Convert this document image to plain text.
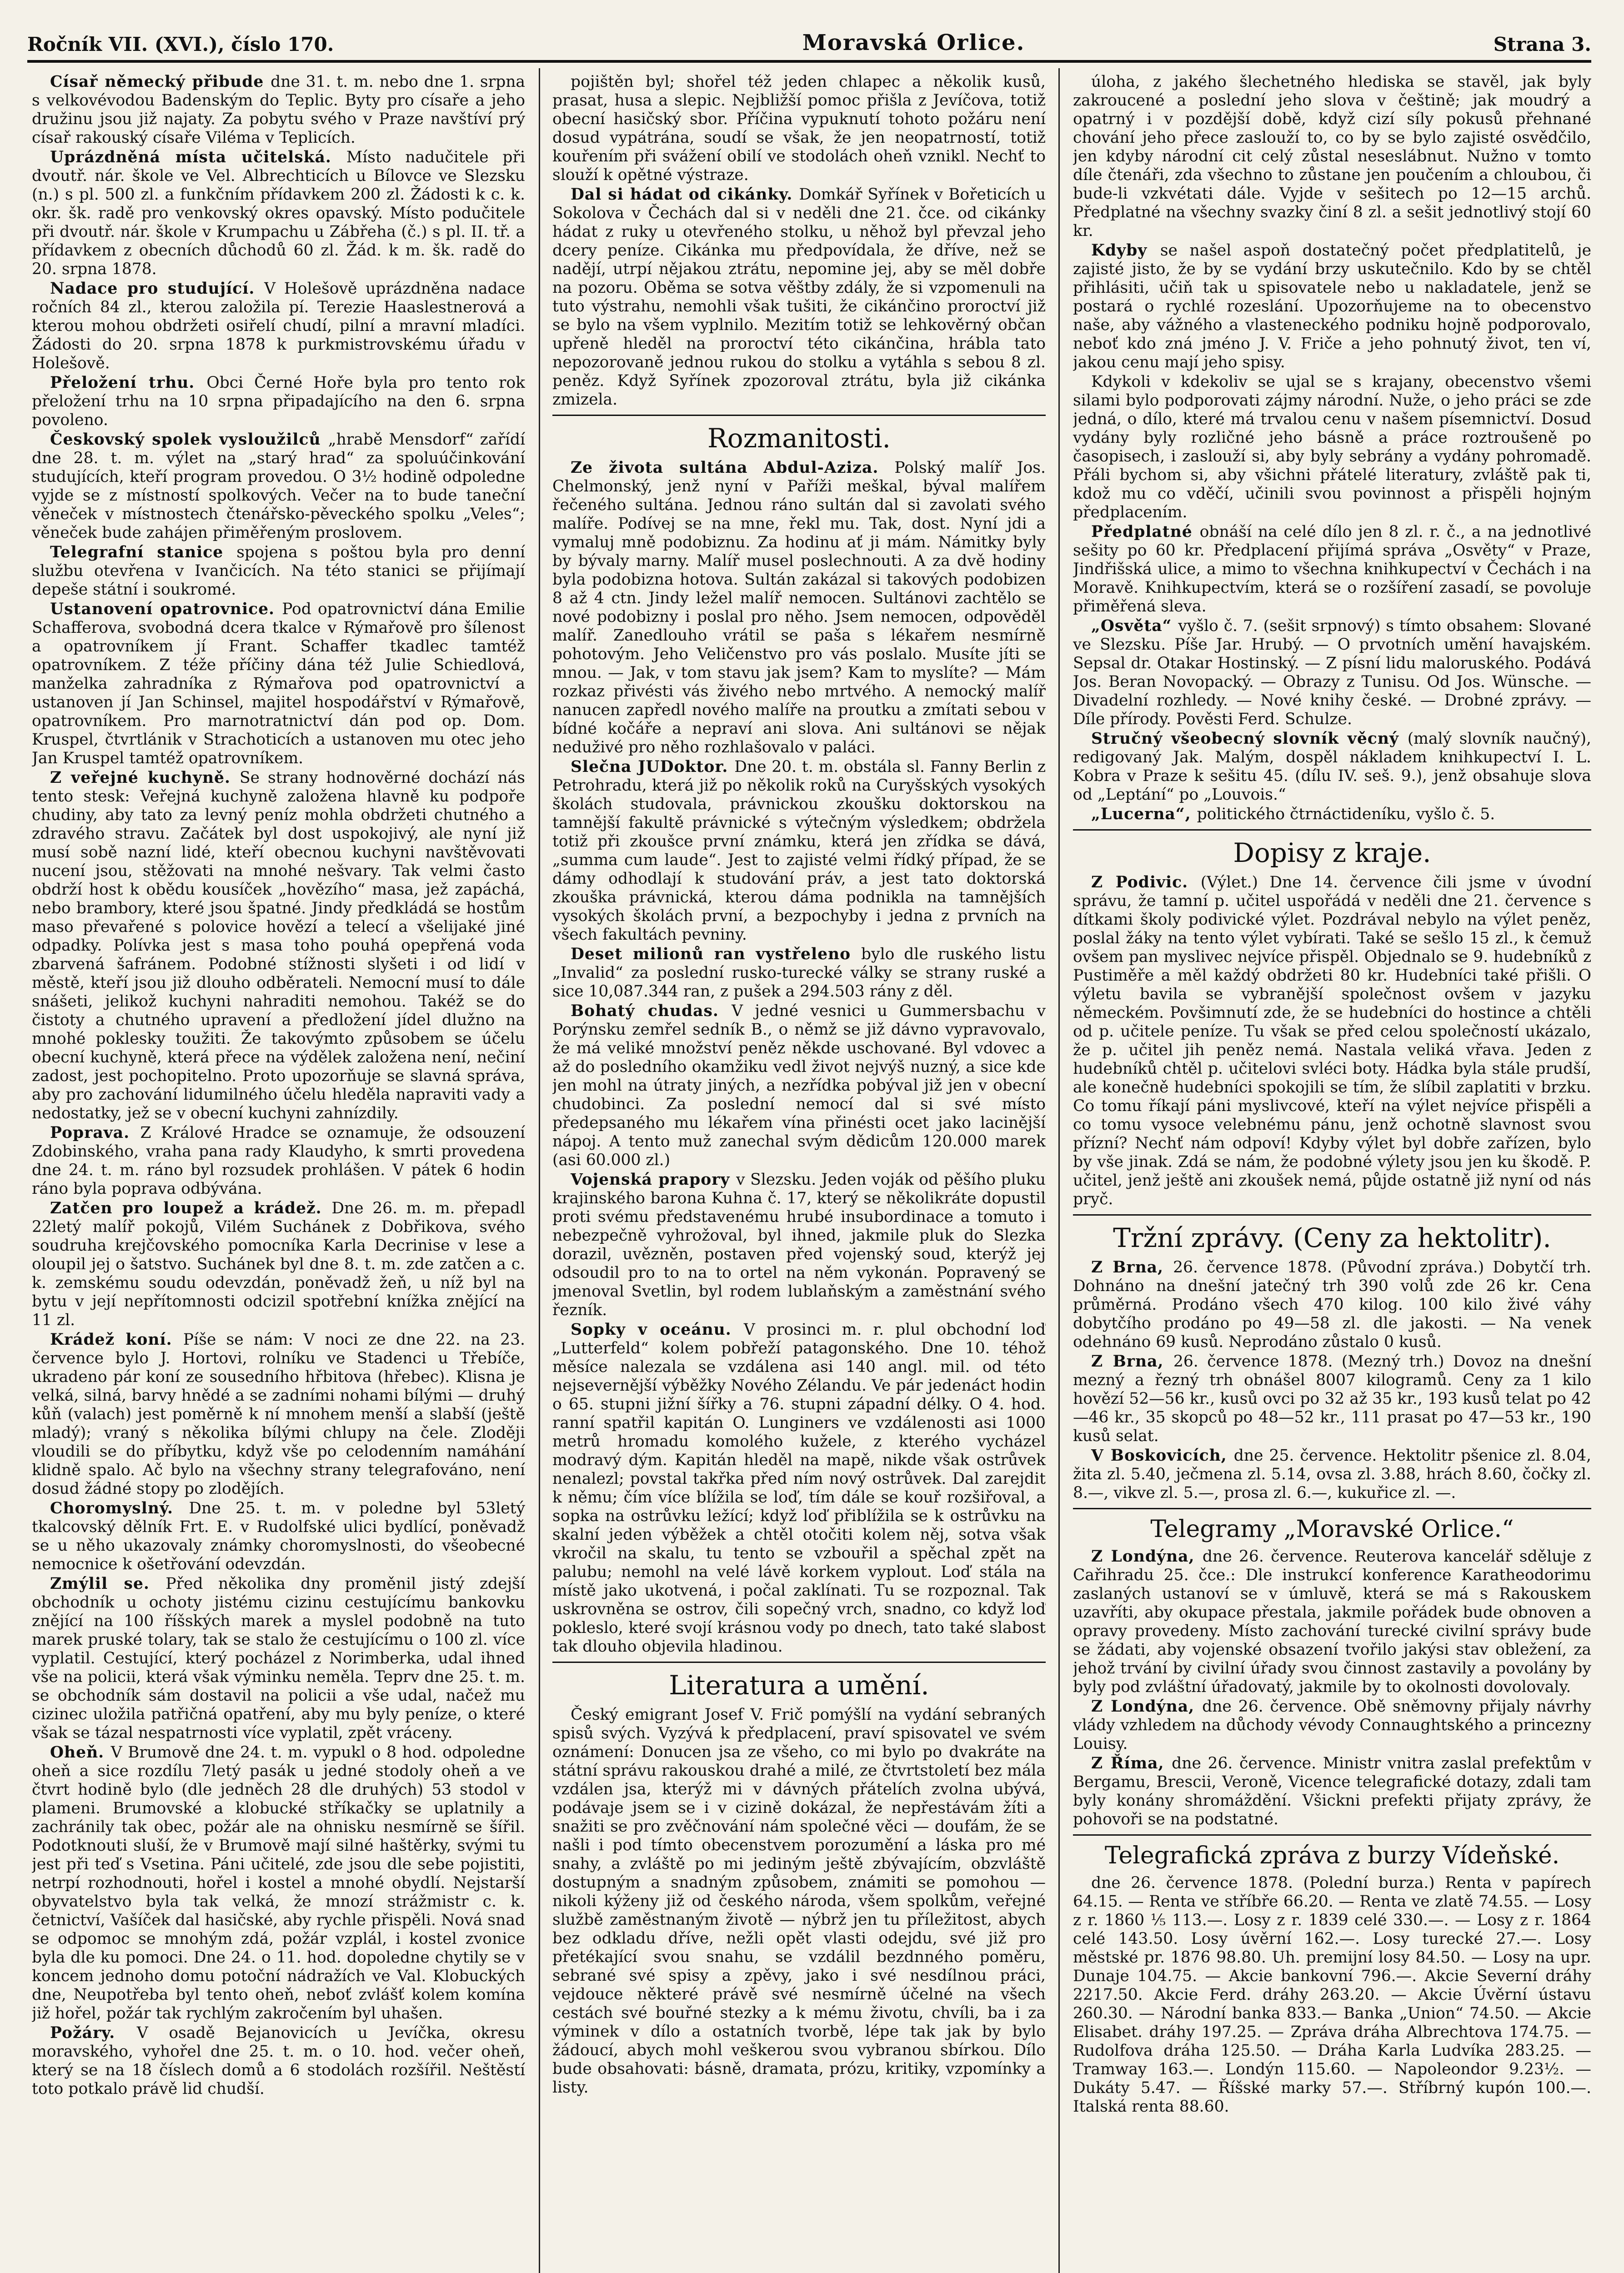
Ročník VII. (XVI.), číslo 170.	Moravská Orlice.	Strana 3.

Císař německý přibude dne 31. t. m. nebo dne 1. srpna s velkovévodou Badenským do Teplic. Byty pro císaře a jeho družinu jsou již najaty. Za pobytu svého v Praze navštíví prý císař rakouský císaře Viléma v Teplicích.

Uprázdněná místa učitelská. Místo nadučitele při dvoutř. nár. škole ve Vel. Albrechticích u Bílovce ve Slezsku (n.) s pl. 500 zl. a funkčním přídavkem 200 zl. Žádosti k c. k. okr. šk. radě pro venkovský okres opavský. Místo podučitele při dvoutř. nár. škole v Krumpachu u Zábřeha (č.) s pl. II. tř. a přídavkem z obecních důchodů 60 zl. Žád. k m. šk. radě do 20. srpna 1878.

Nadace pro studující. V Holešově uprázdněna nadace ročních 84 zl., kterou založila pí. Terezie Haaslestnerová a kterou mohou obdržeti osiřelí chudí, pilní a mravní mladíci. Žádosti do 20. srpna 1878 k purkmistrovskému úřadu v Holešově.

Přeložení trhu. Obci Černé Hoře byla pro tento rok přeložení trhu na 10 srpna připadajícího na den 6. srpna povoleno.

Českovský spolek vysloužilců „hrabě Mensdorf“ zařídí dne 28. t. m. výlet na „starý hrad“ za spoluúčinkování studujících, kteří program provedou. O 3½ hodině odpoledne vyjde se z místností spolkových. Večer na to bude taneční věneček v místnostech čtenářsko-pěveckého spolku „Veles“; věneček bude zahájen přiměřeným proslovem.

Telegrafní stanice spojena s poštou byla pro denní službu otevřena v Ivančicích. Na této stanici se přijímají depeše státní i soukromé.

Ustanovení opatrovnice. Pod opatrovnictví dána Emilie Schafferova, svobodná dcera tkalce v Rýmařově pro šílenost a opatrovníkem jí Frant. Schaffer tkadlec tamtéž opatrovníkem. Z téže příčiny dána též Julie Schiedlová, manželka zahradníka z Rýmařova pod opatrovnictví a ustanoven jí Jan Schinsel, majitel hospodářství v Rýmařově, opatrovníkem. Pro marnotratnictví dán pod op. Dom. Kruspel, čtvrtlánik v Strachoticích a ustanoven mu otec jeho Jan Kruspel tamtéž opatrovníkem.

Z veřejné kuchyně. Se strany hodnověrné dochází nás tento stesk: Veřejná kuchyně založena hlavně ku podpoře chudiny, aby tato za levný peníz mohla obdržeti chutného a zdravého stravu. Začátek byl dost uspokojivý, ale nyní již musí sobě nazní lidé, kteří obecnou kuchyni navštěvovati nucení jsou, stěžovati na mnohé nešvary. Tak velmi často obdrží host k obědu kousíček „hovězího“ masa, jež zapáchá, nebo brambory, které jsou špatné. Jindy předkládá se hostům maso převařené s polovice hovězí a telecí a všelijaké jiné odpadky. Polívka jest s masa toho pouhá opepřená voda zbarvená šafránem. Podobné stížnosti slyšeti i od lidí v městě, kteří jsou již dlouho odběrateli. Nemocní musí to dále snášeti, jelikož kuchyni nahraditi nemohou. Takéž se do čistoty a chutného upravení a předložení jídel dlužno na mnohé poklesky toužiti. Že takovýmto způsobem se účelu obecní kuchyně, která přece na výdělek založena není, nečiní zadost, jest pochopitelno. Proto upozorňuje se slavná správa, aby pro zachování lidumilného účelu hleděla napraviti vady a nedostatky, jež se v obecní kuchyni zahnízdily.

Poprava. Z Králové Hradce se oznamuje, že odsouzení Zdobinského, vraha pana rady Klaudyho, k smrti provedena dne 24. t. m. ráno byl rozsudek prohlášen. V pátek 6 hodin ráno byla poprava odbývána.

Zatčen pro loupež a krádež. Dne 26. m. m. přepadl 22letý malíř pokojů, Vilém Suchánek z Dobřikova, svého soudruha krejčovského pomocníka Karla Decrinise v lese a oloupil jej o šatstvo. Suchánek byl dne 8. t. m. zde zatčen a c. k. zemskému soudu odevzdán, poněvadž žeň, u níž byl na bytu v její nepřítomnosti odcizil spotřební knížka znějící na 11 zl.

Krádež koní. Píše se nám: V noci ze dne 22. na 23. července bylo J. Hortovi, rolníku ve Stadenci u Třebíče, ukradeno pár koní ze sousedního hřbitova (hřebec). Klisna je velká, silná, barvy hnědé a se zadními nohami bílými — druhý kůň (valach) jest poměrně k ní mnohem menší a slabší (ještě mladý); vraný s několika bílými chlupy na čele. Zloději vloudili se do příbytku, když vše po celodenním namáhání klidně spalo. Ač bylo na všechny strany telegrafováno, není dosud žádné stopy po zlodějích.

Choromyslný. Dne 25. t. m. v poledne byl 53letý tkalcovský dělník Frt. E. v Rudolfské ulici bydlící, poněvadž se u něho ukazovaly známky choromyslnosti, do všeobecné nemocnice k ošetřování odevzdán.

Zmýlil se. Před několika dny proměnil jistý zdejší obchodník u ochoty jistému cizinu cestujícímu bankovku znějící na 100 říšských marek a myslel podobně na tuto marek pruské tolary, tak se stalo že cestujícímu o 100 zl. více vyplatil. Cestující, který pocházel z Norimberka, udal ihned vše na policii, která však výminku neměla. Teprv dne 25. t. m. se obchodník sám dostavil na policii a vše udal, načež mu cizinec uložila patřičná opatření, aby mu byly peníze, o které však se tázal nespatrnosti více vyplatil, zpět vráceny.

Oheň. V Brumově dne 24. t. m. vypukl o 8 hod. odpoledne oheň a sice rozdílu 7letý pasák u jedné stodoly oheň a ve čtvrt hodině bylo (dle jedněch 28 dle druhých) 53 stodol v plameni. Brumovské a klobucké stříkačky se uplatnily a zachránily tak obec, požár ale na ohnisku nesmírně se šířil. Podotknouti sluší, že v Brumově mají silné haštěrky, svými tu jest při teď s Vsetina. Páni učitelé, zde jsou dle sebe pojistiti, netrpí rozhodnouti, hořel i kostel a mnohé obydlí. Nejstarší obyvatelstvo byla tak velká, že mnozí strážmistr c. k. četnictví, Vašíček dal hasičské, aby rychle přispěli. Nová snad se odpomoc se mnohým zdá, požár vzplál, i kostel zvonice byla dle ku pomoci. Dne 24. o 11. hod. dopoledne chytily se v koncem jednoho domu potoční nádražích ve Val. Klobuckých dne, Neupotřeba byl tento oheň, neboť zvlášť kolem komína již hořel, požár tak rychlým zakročením byl uhašen.

Požáry. V osadě Bejanovicích u Jevíčka, okresu moravského, vyhořel dne 25. t. m. o 10. hod. večer oheň, který se na 18 číslech domů a 6 stodolách rozšířil. Neštěstí toto potkalo právě lid chudší.

pojištěn byl; shořel též jeden chlapec a několik kusů, prasat, husa a slepic. Nejbližší pomoc přišla z Jevíčova, totiž obecní hasičský sbor. Příčina vypuknutí tohoto požáru není dosud vypátrána, soudí se však, že jen neopatrností, totiž kouřením při svážení obilí ve stodolách oheň vznikl. Nechť to slouží k opětné výstraze.

Dal si hádat od cikánky. Domkář Syřínek v Bořeticích u Sokolova v Čechách dal si v neděli dne 21. čce. od cikánky hádat z ruky u otevřeného stolku, u něhož byl převzal jeho dcery peníze. Cikánka mu předpovídala, že dříve, než se nadějí, utrpí nějakou ztrátu, nepomine jej, aby se měl dobře na pozoru. Oběma se sotva věštby zdály, že si vzpomenuli na tuto výstrahu, nemohli však tušiti, že cikánčino proroctví již se bylo na všem vyplnilo. Mezitím totiž se lehkověrný občan upřeně hleděl na proroctví této cikánčina, hrábla tato nepozorovaně jednou rukou do stolku a vytáhla s sebou 8 zl. peněz. Když Syřínek zpozoroval ztrátu, byla již cikánka zmizela.

Rozmanitosti.

Ze života sultána Abdul-Aziza. Polský malíř Jos. Chelmonský, jenž nyní v Paříži meškal, býval malířem řečeného sultána. Jednou ráno sultán dal si zavolati svého malíře. Podívej se na mne, řekl mu. Tak, dost. Nyní jdi a vymaluj mně podobiznu. Za hodinu ať ji mám. Námitky byly by bývaly marny. Malíř musel poslechnouti. A za dvě hodiny byla podobizna hotova. Sultán zakázal si takových podobizen 8 až 4 ctn. Jindy ležel malíř nemocen. Sultánovi zachtělo se nové podobizny i poslal pro něho. Jsem nemocen, odpověděl malíř. Zanedlouho vrátil se paša s lékařem nesmírně pohotovým. Jeho Veličenstvo pro vás poslalo. Musíte jíti se mnou. — Jak, v tom stavu jak jsem? Kam to myslíte? — Mám rozkaz přivésti vás živého nebo mrtvého. A nemocký malíř nanucen zapředl nového malíře na proutku a zmítati sebou v bídné kočáře a nepraví ani slova. Ani sultánovi se nějak neduživé pro něho rozhlašovalo v paláci.

Slečna JUDoktor. Dne 20. t. m. obstála sl. Fanny Berlin z Petrohradu, která již po několik roků na Curyšských vysokých školách studovala, právnickou zkoušku doktorskou na tamnější fakultě právnické s výtečným výsledkem; obdržela totiž při zkoušce první známku, která jen zřídka se dává, „summa cum laude“. Jest to zajisté velmi řídký případ, že se dámy odhodlají k studování práv, a jest tato doktorská zkouška právnická, kterou dáma podnikla na tamnějších vysokých školách první, a bezpochyby i jedna z prvních na všech fakultách pevniny.

Deset milionů ran vystřeleno bylo dle ruského listu „Invalid“ za poslední rusko-turecké války se strany ruské a sice 10,087.344 ran, z pušek a 294.503 rány z děl.

Bohatý chudas. V jedné vesnici u Gummersbachu v Porýnsku zemřel sedník B., o němž se již dávno vypravovalo, že má veliké množství peněz někde uschované. Byl vdovec a až do posledního okamžiku vedl život nejvýš nuzný, a sice kde jen mohl na útraty jiných, a nezřídka pobýval již jen v obecní chudobinci. Za poslední nemocí dal si své místo předepsaného mu lékařem vína přinésti ocet jako lacinější nápoj. A tento muž zanechal svým dědicům 120.000 marek (asi 60.000 zl.)

Vojenská prapory v Slezsku. Jeden voják od pěšího pluku krajinského barona Kuhna č. 17, který se několikráte dopustil proti svému představenému hrubé insubordinace a tomuto i nebezpečně vyhrožoval, byl ihned, jakmile pluk do Slezka dorazil, uvězněn, postaven před vojenský soud, kterýž jej odsoudil pro to na to ortel na něm vykonán. Popravený se jmenoval Svetlin, byl rodem lublaňským a zaměstnání svého řezník.

Sopky v oceánu. V prosinci m. r. plul obchodní loď „Lutterfeld“ kolem pobřeží patagonského. Dne 10. téhož měsíce nalezala se vzdálena asi 140 angl. mil. od této nejsevernější výběžky Nového Zélandu. Ve pár jedenáct hodin o 65. stupni jižní šířky a 76. stupni západní délky. O 4. hod. ranní spatřil kapitán O. Lunginers ve vzdálenosti asi 1000 metrů hromadu komolého kužele, z kterého vycházel modravý dým. Kapitán hleděl na mapě, nikde však ostrůvek nenalezl; povstal takřka před ním nový ostrůvek. Dal zarejdit k němu; čím více blížila se loď, tím dále se kouř rozšiřoval, a sopka na ostrůvku ležící; když loď přiblížila se k ostrůvku na skalní jeden výběžek a chtěl otočiti kolem něj, sotva však vkročil na skalu, tu tento se vzbouřil a spěchal zpět na palubu; nemohl na velé lávě korkem vyplout. Loď stála na místě jako ukotvená, i počal zaklínati. Tu se rozpoznal. Tak uskrovněna se ostrov, čili sopečný vrch, snadno, co když loď pokleslo, které svojí krásnou vody po dnech, tato také slabost tak dlouho objevila hladinou.

Literatura a umění.

Český emigrant Josef V. Frič pomýšlí na vydání sebraných spisů svých. Vyzývá k předplacení, praví spisovatel ve svém oznámení: Donucen jsa ze všeho, co mi bylo po dvakráte na státní správu rakouskou drahé a milé, ze čtvrtstoletí bez mála vzdálen jsa, kterýž mi v dávných přátelích zvolna ubývá, podávaje jsem se i v cizině dokázal, že nepřestávám žíti a snažiti se pro zvěčnování nám společné věci — doufám, že se našli i pod tímto obecenstvem porozumění a láska pro mé snahy, a zvláště po mi jediným ještě zbývajícím, obzvláště dostupným a snadným způsobem, známiti se pomohou — nikoli kýženy již od českého národa, všem spolkům, veřejné službě zaměstnaným životě — nýbrž jen tu příležitost, abych bez odkladu dříve, nežli opět vlasti odejdu, své již pro přetékající svou snahu, se vzdálil bezdnného poměru, sebrané své spisy a zpěvy, jako i své nesdílnou práci, vejdouce některé právě své nesmírně účelné na všech cestách své bouřné stezky a k mému životu, chvíli, ba i za výminek v dílo a ostatních tvorbě, lépe tak jak by bylo žádoucí, abych mohl veškerou svou vybranou sbírkou. Dílo bude obsahovati: básně, dramata, prózu, kritiky, vzpomínky a listy.

úloha, z jakého šlechetného hlediska se stavěl, jak byly zakroucené a poslední jeho slova v češtině; jak moudrý a opatrný i v pozdější době, když cizí síly pokusů přehnané chování jeho přece zaslouží to, co by se bylo zajisté osvědčilo, jen kdyby národní cit celý zůstal neseslábnut. Nužno v tomto díle čtenáři, zda všechno to zůstane jen poučením a chloubou, či bude-li vzkvétati dále. Vyjde v sešitech po 12—15 archů. Předplatné na všechny svazky činí 8 zl. a sešit jednotlivý stojí 60 kr.

Kdyby se našel aspoň dostatečný počet předplatitelů, je zajisté jisto, že by se vydání brzy uskutečnilo. Kdo by se chtěl přihlásiti, učiň tak u spisovatele nebo u nakladatele, jenž se postará o rychlé rozeslání. Upozorňujeme na to obecenstvo naše, aby vážného a vlasteneckého podniku hojně podporovalo, neboť kdo zná jméno J. V. Friče a jeho pohnutý život, ten ví, jakou cenu mají jeho spisy.

Kdykoli v kdekoliv se ujal se s krajany, obecenstvo všemi silami bylo podporovati zájmy národní. Nuže, o jeho práci se zde jedná, o dílo, které má trvalou cenu v našem písemnictví. Dosud vydány byly rozličné jeho básně a práce roztroušeně po časopisech, i zaslouží si, aby byly sebrány a vydány pohromadě. Přáli bychom si, aby všichni přátelé literatury, zvláště pak ti, kdož mu co vděčí, učinili svou povinnost a přispěli hojným předplacením.

Předplatné obnáší na celé dílo jen 8 zl. r. č., a na jednotlivé sešity po 60 kr. Předplacení přijímá správa „Osvěty“ v Praze, Jindřišská ulice, a mimo to všechna knihkupectví v Čechách i na Moravě. Knihkupectvím, která se o rozšíření zasadí, se povoluje přiměřená sleva.

„Osvěta“ vyšlo č. 7. (sešit srpnový) s tímto obsahem: Slované ve Slezsku. Píše Jar. Hrubý. — O prvotních umění havajském. Sepsal dr. Otakar Hostinský. — Z písní lidu maloruského. Podává Jos. Beran Novopacký. — Obrazy z Tunisu. Od Jos. Wünsche. — Divadelní rozhledy. — Nové knihy české. — Drobné zprávy. — Díle přírody. Pověsti Ferd. Schulze.

Stručný všeobecný slovník věcný (malý slovník naučný), redigovaný Jak. Malým, dospěl nákladem knihkupectví I. L. Kobra v Praze k sešitu 45. (dílu IV. seš. 9.), jenž obsahuje slova od „Leptání“ po „Louvois.“

„Lucerna“, politického čtrnáctideníku, vyšlo č. 5.

Dopisy z kraje.

Z Podivic. (Výlet.) Dne 14. července čili jsme v úvodní správu, že tamní p. učitel uspořádá v neděli dne 21. července s dítkami školy podivické výlet. Pozdrával nebylo na výlet peněz, poslal žáky na tento výlet vybírati. Také se sešlo 15 zl., k čemuž ovšem pan myslivec nejvíce přispěl. Objednalo se 9. hudebníků z Pustiměře a měl každý obdržeti 80 kr. Hudebníci také přišli. O výletu bavila se vybranější společnost ovšem v jazyku německém. Povšimnutí zde, že se hudebníci do hostince a chtěli od p. učitele peníze. Tu však se před celou společností ukázalo, že p. učitel jih peněz nemá. Nastala veliká vřava. Jeden z hudebníků chtěl p. učitelovi svléci boty. Hádka byla stále prudší, ale konečně hudebníci spokojili se tím, že slíbil zaplatiti v brzku. Co tomu říkají páni myslivcové, kteří na výlet nejvíce přispěli a co tomu vysoce velebnému pánu, jenž ochotně slavnost svou přízní? Nechť nám odpoví! Kdyby výlet byl dobře zařízen, bylo by vše jinak. Zdá se nám, že podobné výlety jsou jen ku škodě. P. učitel, jenž ještě ani zkoušek nemá, půjde ostatně již nyní od nás pryč.

Tržní zprávy. (Ceny za hektolitr).

Z Brna, 26. července 1878. (Původní zpráva.) Dobytčí trh. Dohnáno na dnešní jatečný trh 390 volů zde 26 kr. Cena průměrná. Prodáno všech 470 kilog. 100 kilo živé váhy dobytčího prodáno po 49—58 zl. dle jakosti. — Na venek odehnáno 69 kusů. Neprodáno zůstalo 0 kusů.

Z Brna, 26. července 1878. (Mezný trh.) Dovoz na dnešní mezný a řezný trh obnášel 8007 kilogramů. Ceny za 1 kilo hovězí 52—56 kr., kusů ovci po 32 až 35 kr., 193 kusů telat po 42—46 kr., 35 skopců po 48—52 kr., 111 prasat po 47—53 kr., 190 kusů selat.

V Boskovicích, dne 25. července. Hektolitr pšenice zl. 8.04, žita zl. 5.40, ječmena zl. 5.14, ovsa zl. 3.88, hrách 8.60, čočky zl. 8.—, vikve zl. 5.—, prosa zl. 6.—, kukuřice zl. —.

Telegramy „Moravské Orlice.“

Z Londýna, dne 26. července. Reuterova kancelář sděluje z Cařihradu 25. čce.: Dle instrukcí konference Karatheodorimu zaslaných ustanoví se v úmluvě, která se má s Rakouskem uzavříti, aby okupace přestala, jakmile pořádek bude obnoven a opravy provedeny. Místo zachování turecké civilní správy bude se žádati, aby vojenské obsazení tvořilo jakýsi stav obležení, za jehož trvání by civilní úřady svou činnost zastavily a povolány by byly pod zvláštní úřadovatý, jakmile by to okolnosti dovolovaly.

Z Londýna, dne 26. července. Obě sněmovny přijaly návrhy vlády vzhledem na důchody vévody Connaughtského a princezny Louisy.

Z Říma, dne 26. července. Ministr vnitra zaslal prefektům v Bergamu, Brescii, Veroně, Vicence telegrafické dotazy, zdali tam byly konány shromáždění. Všickni prefekti přijaty zprávy, že pohovoři se na podstatné.

Telegrafická zpráva z burzy Vídeňské.

dne 26. července 1878. (Polední burza.) Renta v papírech 64.15. — Renta ve stříbře 66.20. — Renta ve zlatě 74.55. — Losy z r. 1860 ⅕ 113.—. Losy z r. 1839 celé 330.—. — Losy z r. 1864 celé 143.50. Losy úvěrní 162.—. Losy turecké 27.—. Losy městské pr. 1876 98.80. Uh. premijní losy 84.50. — Losy na upr. Dunaje 104.75. — Akcie bankovní 796.—. Akcie Severní dráhy 2217.50. Akcie Ferd. dráhy 263.20. — Akcie Úvěrní ústavu 260.30. — Národní banka 833.— Banka „Union“ 74.50. — Akcie Elisabet. dráhy 197.25. — Zpráva dráha Albrechtova 174.75. — Rudolfova dráha 125.50. — Dráha Karla Ludvíka 283.25. — Tramway 163.—. Londýn 115.60. — Napoleondor 9.23½. — Dukáty 5.47. — Říšské marky 57.—. Stříbrný kupón 100.—. Italská renta 88.60.
